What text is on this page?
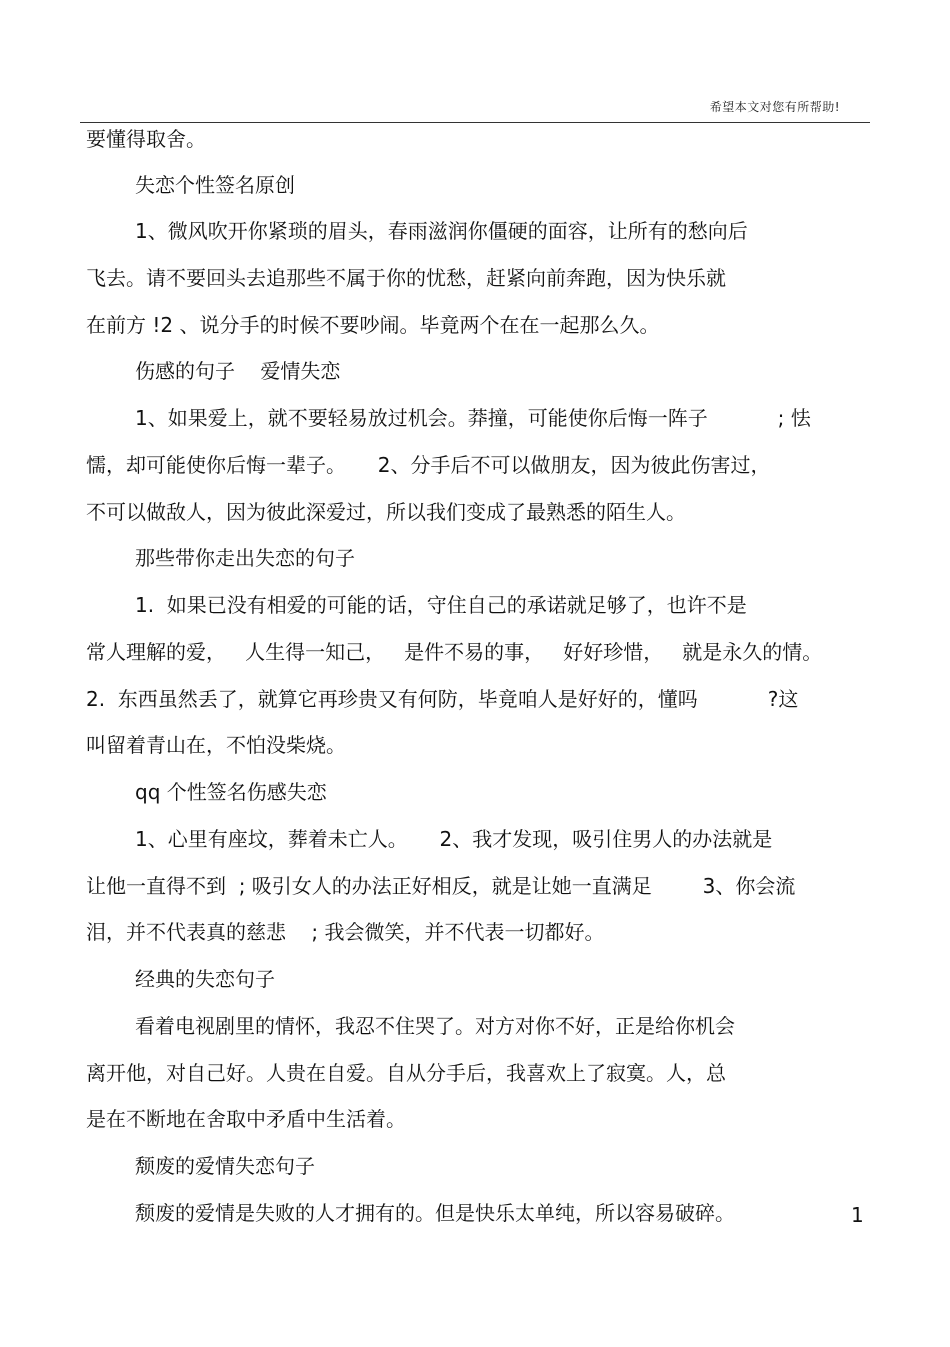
希望本文对您有所帮助!
要懂得取舍。
失恋个性签名原创
1、微风吹开你紧琐的眉头，春雨滋润你僵硬的面容，让所有的愁向后
飞去。请不要回头去追那些不属于你的忧愁，赶紧向前奔跑，因为快乐就
在前方 !2 、说分手的时候不要吵闹。毕竟两个在在一起那么久。
伤感的句子    爱情失恋
1、如果爱上，就不要轻易放过机会。莽撞，可能使你后悔一阵子           ; 怯
懦，却可能使你后悔一辈子。     2、分手后不可以做朋友，因为彼此伤害过，
不可以做敌人，因为彼此深爱过，所以我们变成了最熟悉的陌生人。
那些带你走出失恋的句子
1.  如果已没有相爱的可能的话，守住自己的承诺就足够了，也许不是
常人理解的爱，   人生得一知己，   是件不易的事，   好好珍惜，   就是永久的情。
2.  东西虽然丢了，就算它再珍贵又有何防，毕竟咱人是好好的，懂吗           ?这
叫留着青山在，不怕没柴烧。
qq 个性签名伤感失恋
1、心里有座坟，葬着未亡人。     2、我才发现，吸引住男人的办法就是
让他一直得不到  ; 吸引女人的办法正好相反，就是让她一直满足        3、你会流
泪，并不代表真的慈悲    ; 我会微笑，并不代表一切都好。
经典的失恋句子
看着电视剧里的情怀，我忍不住哭了。对方对你不好，正是给你机会
离开他，对自己好。人贵在自爱。自从分手后，我喜欢上了寂寞。人，总
是在不断地在舍取中矛盾中生活着。
颓废的爱情失恋句子
颓废的爱情是失败的人才拥有的。但是快乐太单纯，所以容易破碎。	1
